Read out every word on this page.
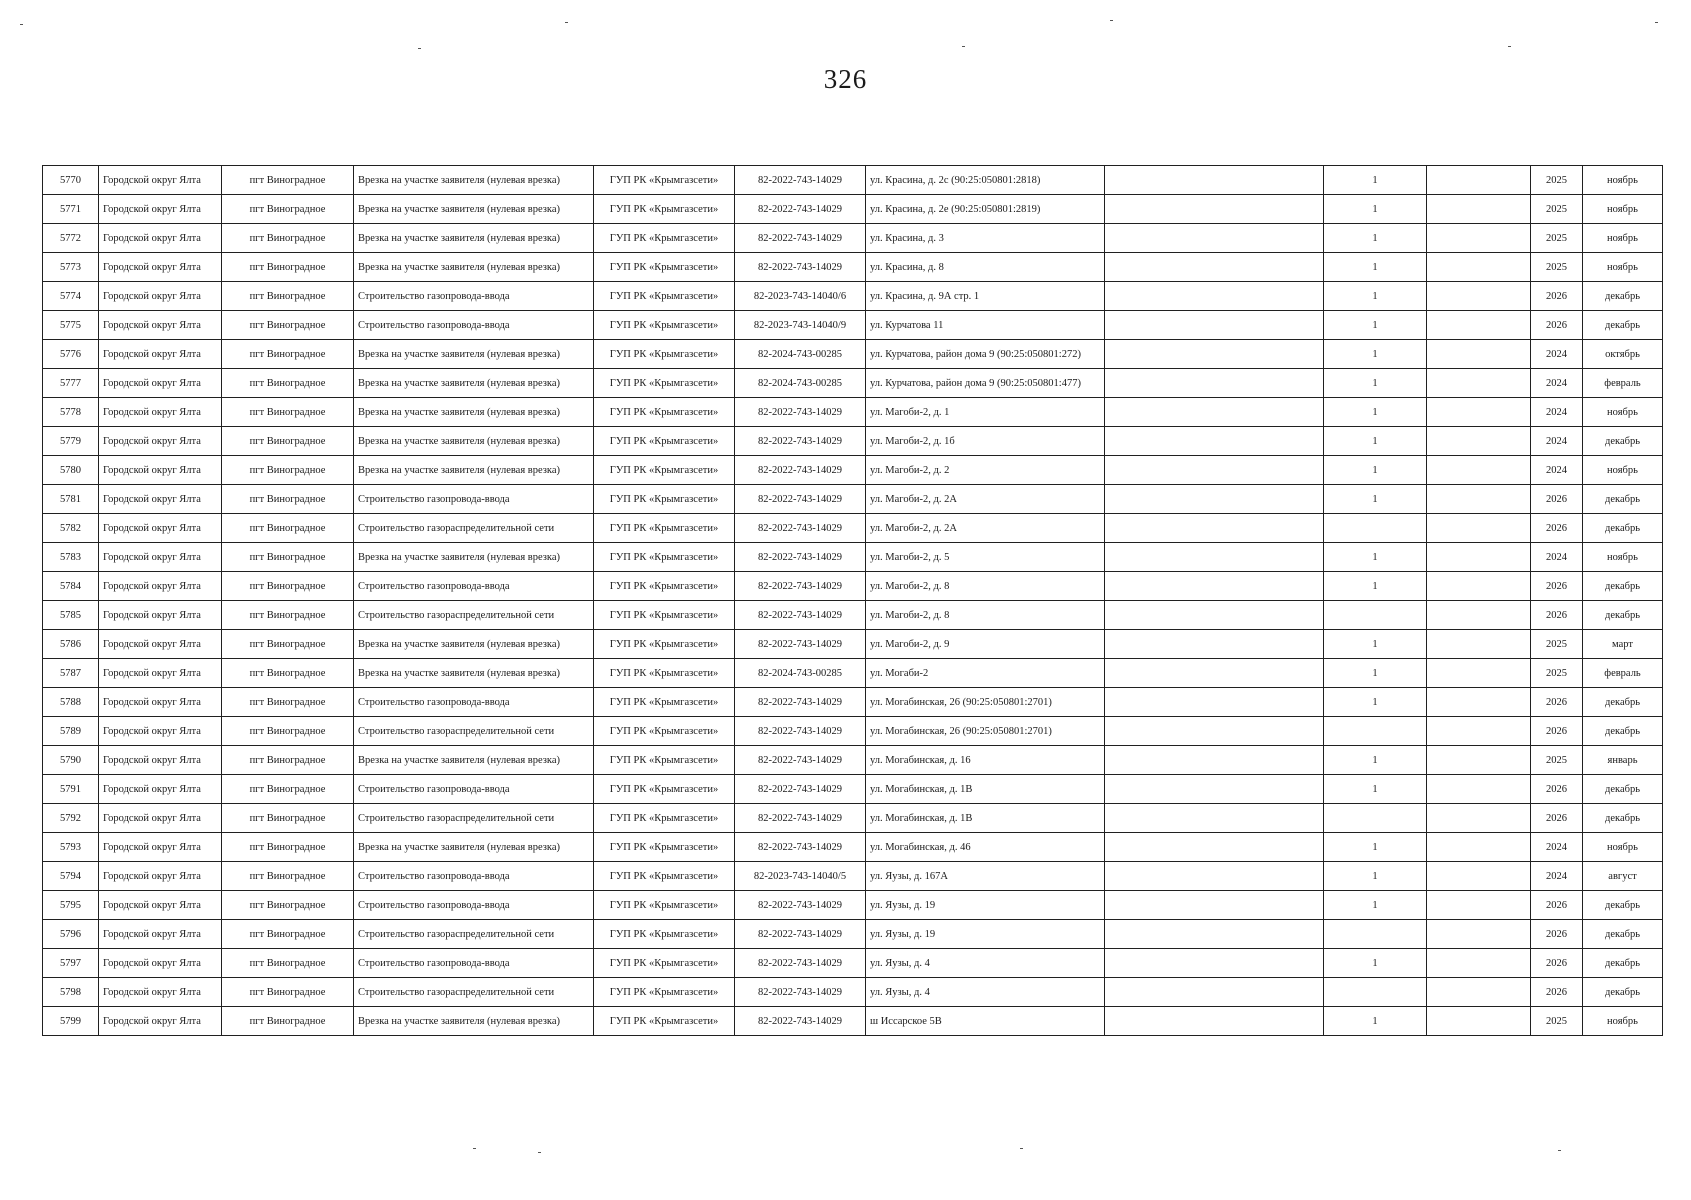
326
5770	Городской округ Ялта	пгт Виноградное	Врезка на участке заявителя (нулевая врезка)	ГУП РК «Крымгазсети»	82-2022-743-14029	ул. Красина, д. 2с (90:25:050801:2818)		1		2025	ноябрь
5771	Городской округ Ялта	пгт Виноградное	Врезка на участке заявителя (нулевая врезка)	ГУП РК «Крымгазсети»	82-2022-743-14029	ул. Красина, д. 2е (90:25:050801:2819)		1		2025	ноябрь
5772	Городской округ Ялта	пгт Виноградное	Врезка на участке заявителя (нулевая врезка)	ГУП РК «Крымгазсети»	82-2022-743-14029	ул. Красина, д. 3		1		2025	ноябрь
5773	Городской округ Ялта	пгт Виноградное	Врезка на участке заявителя (нулевая врезка)	ГУП РК «Крымгазсети»	82-2022-743-14029	ул. Красина, д. 8		1		2025	ноябрь
5774	Городской округ Ялта	пгт Виноградное	Строительство газопровода-ввода	ГУП РК «Крымгазсети»	82-2023-743-14040/6	ул. Красина, д. 9А стр. 1		1		2026	декабрь
5775	Городской округ Ялта	пгт Виноградное	Строительство газопровода-ввода	ГУП РК «Крымгазсети»	82-2023-743-14040/9	ул. Курчатова 11		1		2026	декабрь
5776	Городской округ Ялта	пгт Виноградное	Врезка на участке заявителя (нулевая врезка)	ГУП РК «Крымгазсети»	82-2024-743-00285	ул. Курчатова, район дома 9 (90:25:050801:272)		1		2024	октябрь
5777	Городской округ Ялта	пгт Виноградное	Врезка на участке заявителя (нулевая врезка)	ГУП РК «Крымгазсети»	82-2024-743-00285	ул. Курчатова, район дома 9 (90:25:050801:477)		1		2024	февраль
5778	Городской округ Ялта	пгт Виноградное	Врезка на участке заявителя (нулевая врезка)	ГУП РК «Крымгазсети»	82-2022-743-14029	ул. Магоби-2, д. 1		1		2024	ноябрь
5779	Городской округ Ялта	пгт Виноградное	Врезка на участке заявителя (нулевая врезка)	ГУП РК «Крымгазсети»	82-2022-743-14029	ул. Магоби-2, д. 1б		1		2024	декабрь
5780	Городской округ Ялта	пгт Виноградное	Врезка на участке заявителя (нулевая врезка)	ГУП РК «Крымгазсети»	82-2022-743-14029	ул. Магоби-2, д. 2		1		2024	ноябрь
5781	Городской округ Ялта	пгт Виноградное	Строительство газопровода-ввода	ГУП РК «Крымгазсети»	82-2022-743-14029	ул. Магоби-2, д. 2А		1		2026	декабрь
5782	Городской округ Ялта	пгт Виноградное	Строительство газораспределительной сети	ГУП РК «Крымгазсети»	82-2022-743-14029	ул. Магоби-2, д. 2А				2026	декабрь
5783	Городской округ Ялта	пгт Виноградное	Врезка на участке заявителя (нулевая врезка)	ГУП РК «Крымгазсети»	82-2022-743-14029	ул. Магоби-2, д. 5		1		2024	ноябрь
5784	Городской округ Ялта	пгт Виноградное	Строительство газопровода-ввода	ГУП РК «Крымгазсети»	82-2022-743-14029	ул. Магоби-2, д. 8		1		2026	декабрь
5785	Городской округ Ялта	пгт Виноградное	Строительство газораспределительной сети	ГУП РК «Крымгазсети»	82-2022-743-14029	ул. Магоби-2, д. 8				2026	декабрь
5786	Городской округ Ялта	пгт Виноградное	Врезка на участке заявителя (нулевая врезка)	ГУП РК «Крымгазсети»	82-2022-743-14029	ул. Магоби-2, д. 9		1		2025	март
5787	Городской округ Ялта	пгт Виноградное	Врезка на участке заявителя (нулевая врезка)	ГУП РК «Крымгазсети»	82-2024-743-00285	ул. Могаби-2		1		2025	февраль
5788	Городской округ Ялта	пгт Виноградное	Строительство газопровода-ввода	ГУП РК «Крымгазсети»	82-2022-743-14029	ул. Могабинская, 26 (90:25:050801:2701)		1		2026	декабрь
5789	Городской округ Ялта	пгт Виноградное	Строительство газораспределительной сети	ГУП РК «Крымгазсети»	82-2022-743-14029	ул. Могабинская, 26 (90:25:050801:2701)				2026	декабрь
5790	Городской округ Ялта	пгт Виноградное	Врезка на участке заявителя (нулевая врезка)	ГУП РК «Крымгазсети»	82-2022-743-14029	ул. Могабинская, д. 16		1		2025	январь
5791	Городской округ Ялта	пгт Виноградное	Строительство газопровода-ввода	ГУП РК «Крымгазсети»	82-2022-743-14029	ул. Могабинская, д. 1В		1		2026	декабрь
5792	Городской округ Ялта	пгт Виноградное	Строительство газораспределительной сети	ГУП РК «Крымгазсети»	82-2022-743-14029	ул. Могабинская, д. 1В				2026	декабрь
5793	Городской округ Ялта	пгт Виноградное	Врезка на участке заявителя (нулевая врезка)	ГУП РК «Крымгазсети»	82-2022-743-14029	ул. Могабинская, д. 46		1		2024	ноябрь
5794	Городской округ Ялта	пгт Виноградное	Строительство газопровода-ввода	ГУП РК «Крымгазсети»	82-2023-743-14040/5	ул. Яузы, д. 167А		1		2024	август
5795	Городской округ Ялта	пгт Виноградное	Строительство газопровода-ввода	ГУП РК «Крымгазсети»	82-2022-743-14029	ул. Яузы, д. 19		1		2026	декабрь
5796	Городской округ Ялта	пгт Виноградное	Строительство газораспределительной сети	ГУП РК «Крымгазсети»	82-2022-743-14029	ул. Яузы, д. 19				2026	декабрь
5797	Городской округ Ялта	пгт Виноградное	Строительство газопровода-ввода	ГУП РК «Крымгазсети»	82-2022-743-14029	ул. Яузы, д. 4		1		2026	декабрь
5798	Городской округ Ялта	пгт Виноградное	Строительство газораспределительной сети	ГУП РК «Крымгазсети»	82-2022-743-14029	ул. Яузы, д. 4				2026	декабрь
5799	Городской округ Ялта	пгт Виноградное	Врезка на участке заявителя (нулевая врезка)	ГУП РК «Крымгазсети»	82-2022-743-14029	ш Иссарское 5В		1		2025	ноябрь
